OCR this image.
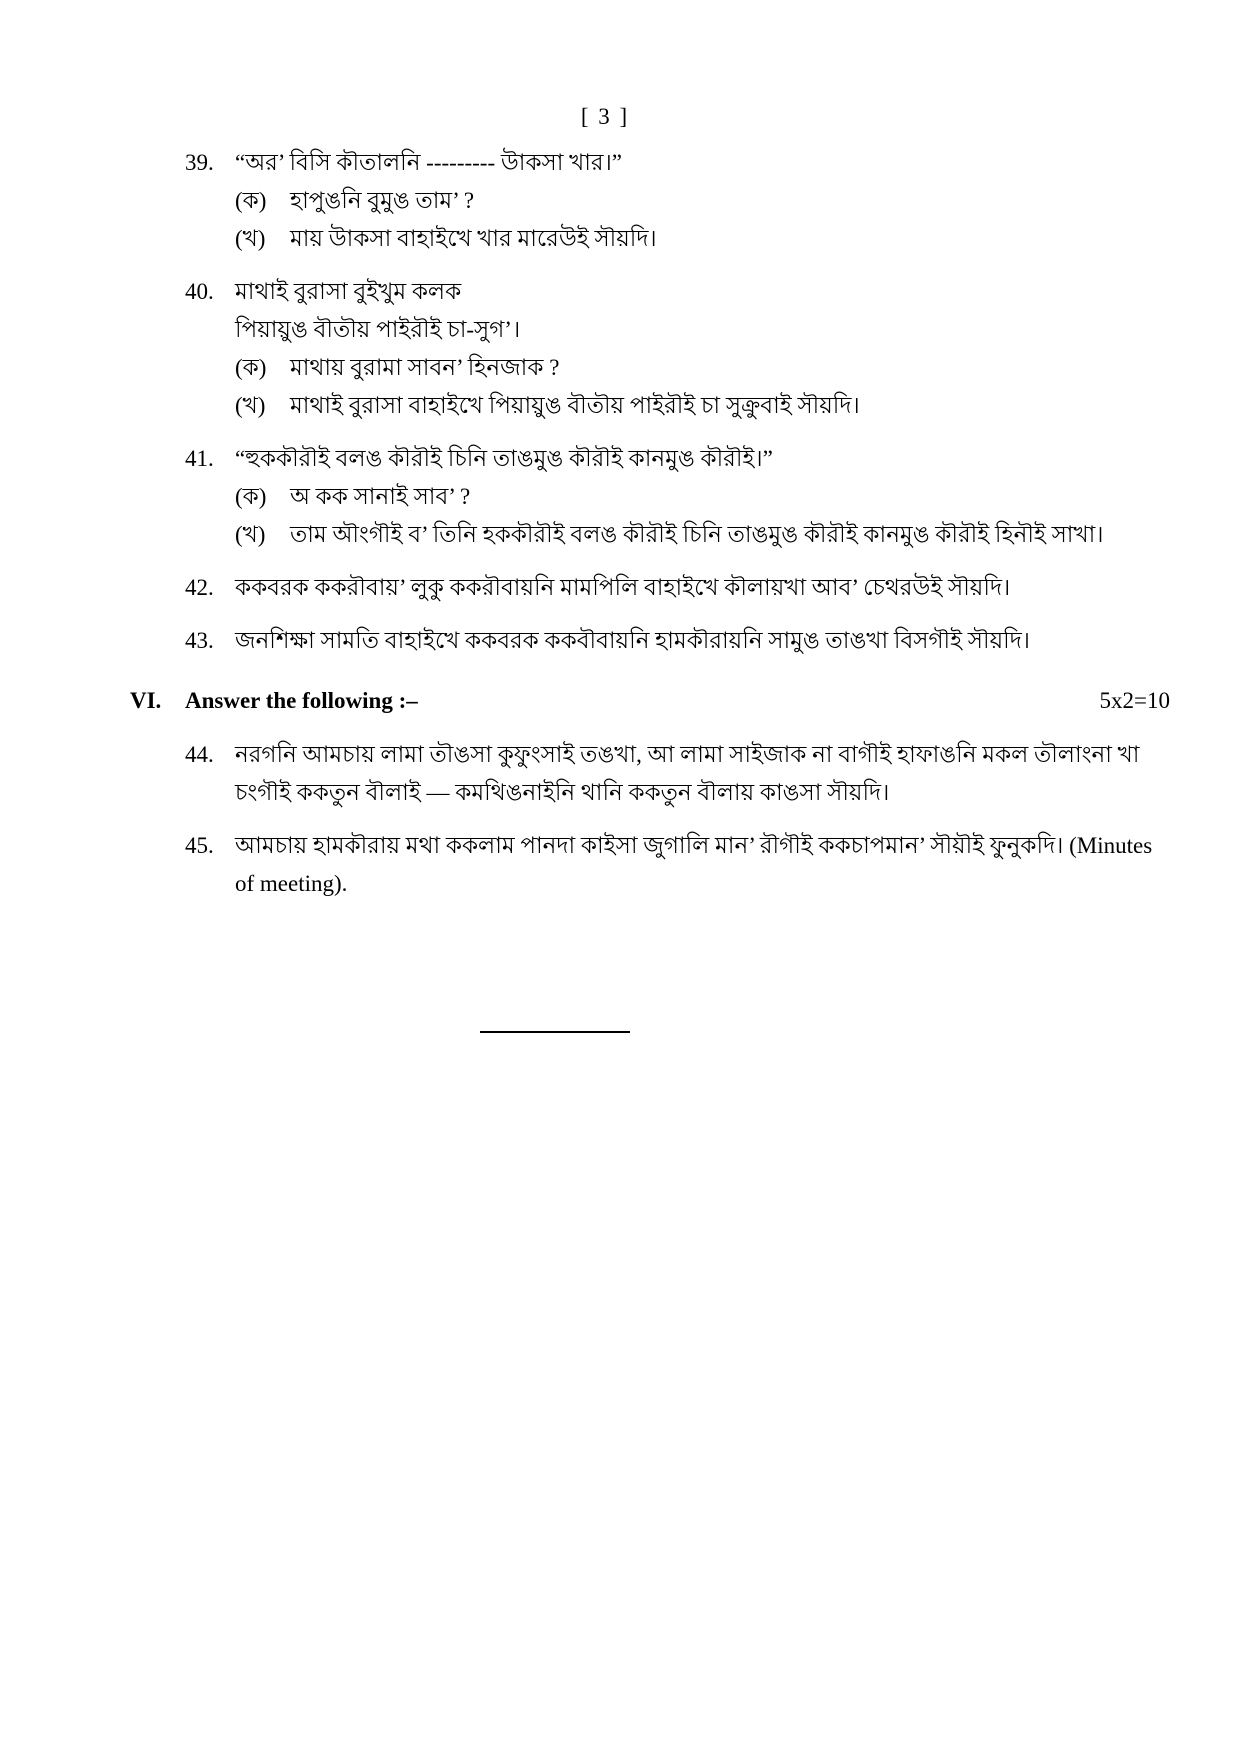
[ 3 ]
39. “অর’ বিসি কৗতালনি --------- উাকসা খার।”
(ক)	হাপুঙনি বুমুঙ তাম’ ?
(খ)	মায় উাকসা বাহাইখে খার মারেউই সৗয়দি।
40. মাথাই বুরাসা বুইখুম কলক
পিয়ায়ুঙ বৗতৗয় পাইরৗই চা-সুগ’।
(ক)	মাথায় বুরামা সাবন’ হিনজাক ?
(খ)	মাথাই বুরাসা বাহাইখে পিয়ায়ুঙ বৗতৗয় পাইরৗই চা সুক্রুবাই সৗয়দি।
41. “হুককৗরৗই বলঙ কৗরৗই চিনি তাঙমুঙ কৗরৗই কানমুঙ কৗরৗই।”
(ক)	অ কক সানাই সাব’ ?
(খ)	তাম অৗংগৗই ব’ তিনি হককৗরৗই বলঙ কৗরৗই চিনি তাঙমুঙ কৗরৗই কানমুঙ কৗরৗই হিনৗই সাখা।
42. ককবরক ককরৗবায়’ লুকু ককরৗবায়নি মামপিলি বাহাইখে কৗলায়খা আব’ চেথরউই সৗয়দি।
43. জনশিক্ষা সামতি বাহাইখে ককবরক ককবৗবায়নি হামকৗরায়নি সামুঙ তাঙখা বিসগৗই সৗয়দি।
VI.	Answer the following :–	5x2=10
44. নরগনি আমচায় লামা তৗঙসা কুফুংসাই তঙখা, আ লামা সাইজাক না বাগৗই হাফাঙনি মকল তৗলাংনা খা চংগৗই ককতুন বৗলাই — কমথিঙনাইনি থানি ককতুন বৗলায় কাঙসা সৗয়দি।
45. আমচায় হামকৗরায় মথা ককলাম পানদা কাইসা জুগালি মান’ রৗগৗই ককচাপমান’ সৗয়ৗই ফুনুকদি। (Minutes of meeting).
